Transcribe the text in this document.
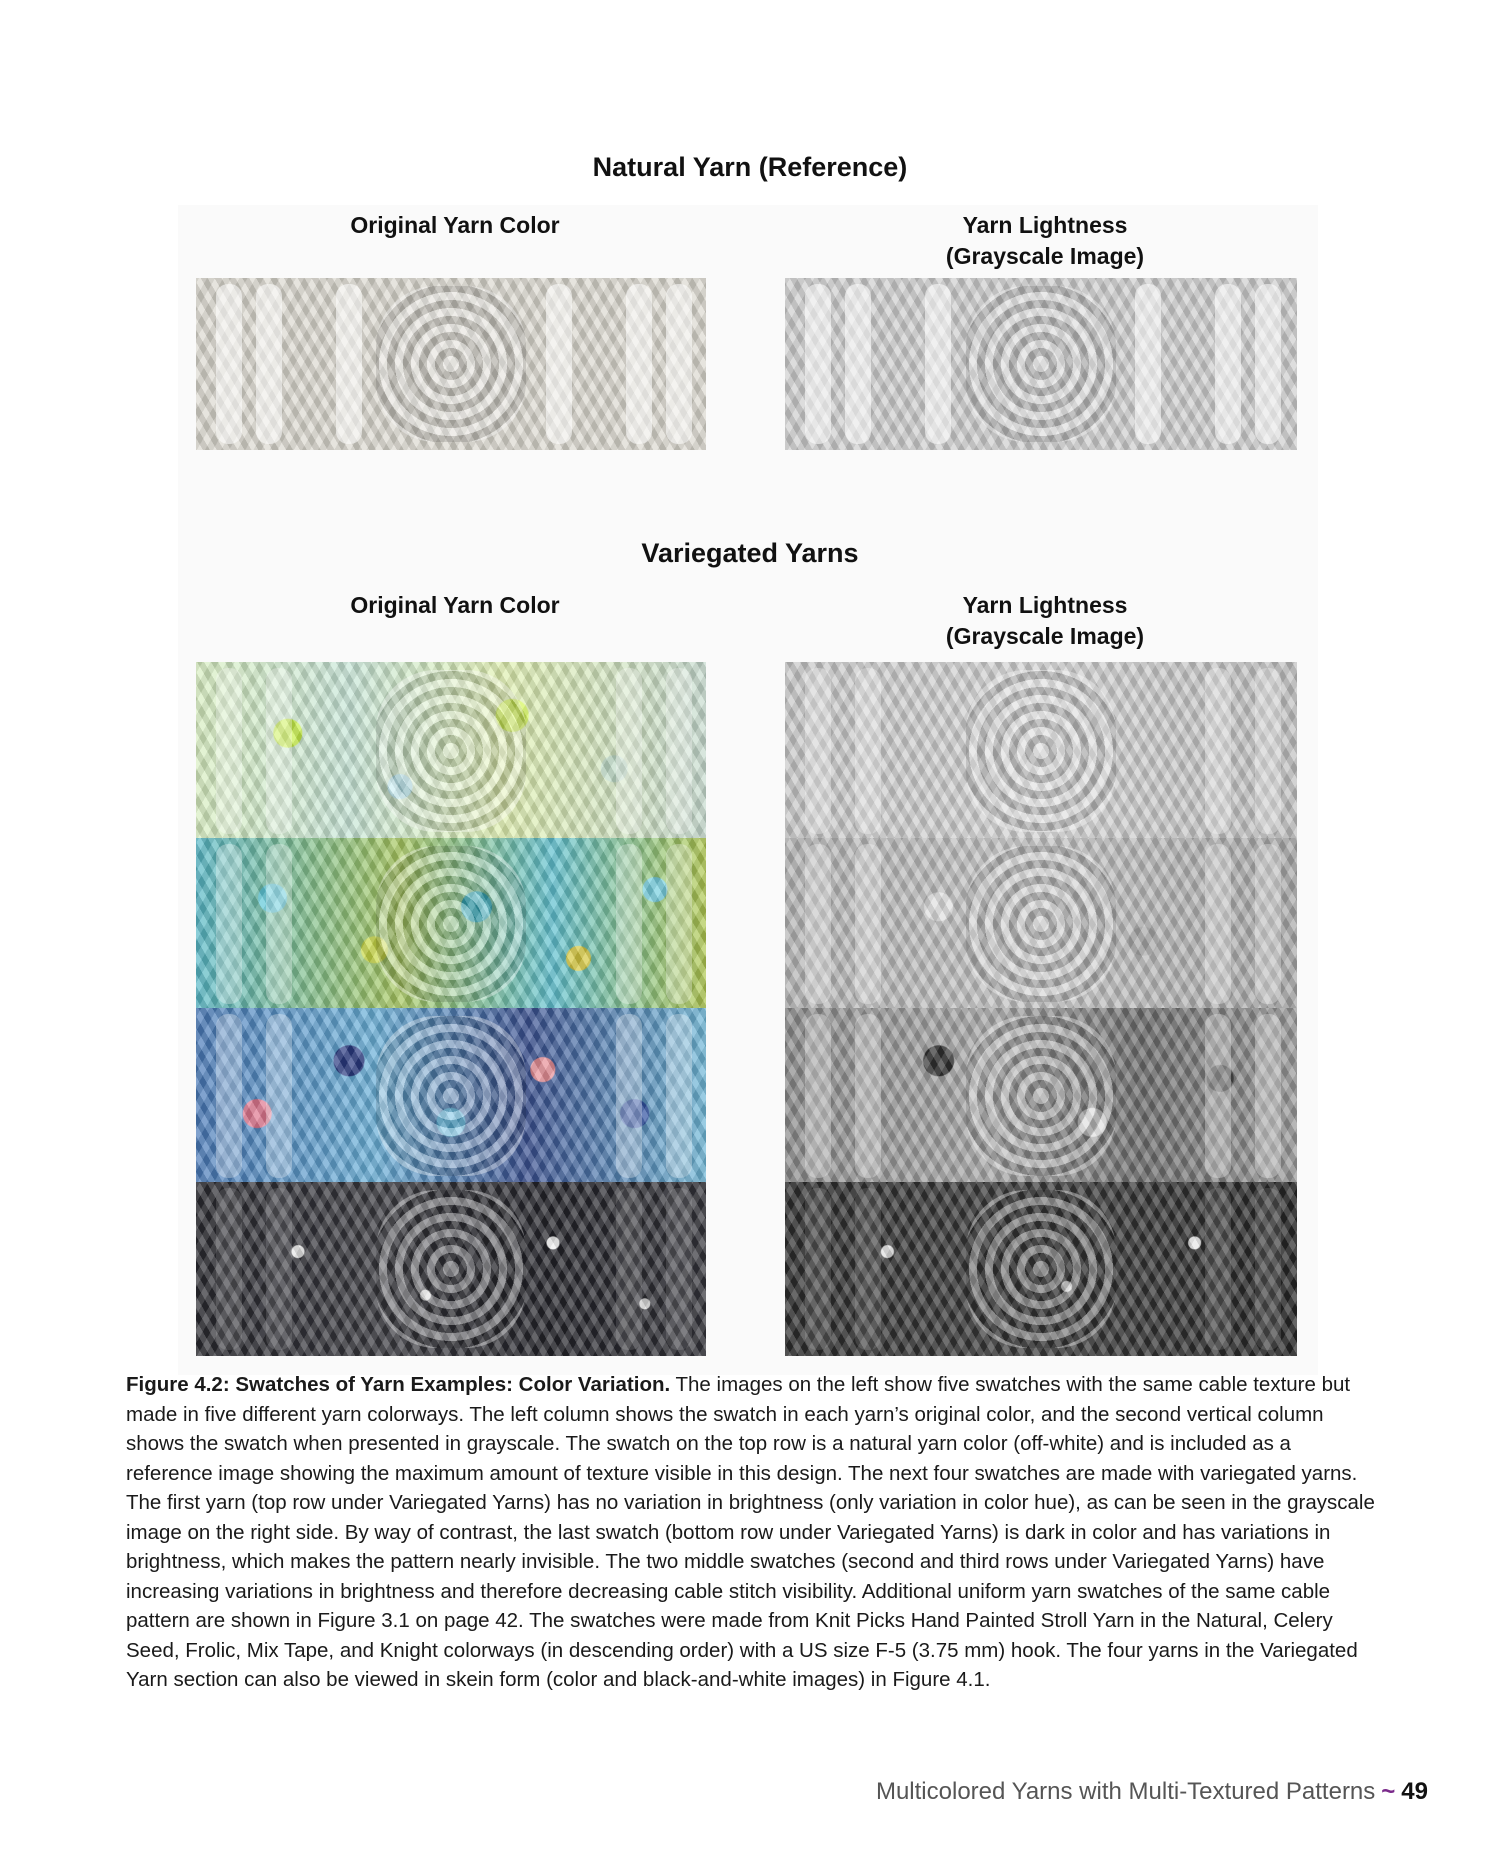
Natural Yarn (Reference)
Original Yarn Color	Yarn Lightness
(Grayscale Image)
Variegated Yarns
Original Yarn Color	Yarn Lightness
(Grayscale Image)
Figure 4.2: Swatches of Yarn Examples: Color Variation. The images on the left show five swatches with the same cable texture but made in five different yarn colorways. The left column shows the swatch in each yarn’s original color, and the second vertical column shows the swatch when presented in grayscale. The swatch on the top row is a natural yarn color (off-white) and is included as a reference image showing the maximum amount of texture visible in this design. The next four swatches are made with variegated yarns. The first yarn (top row under Variegated Yarns) has no variation in brightness (only variation in color hue), as can be seen in the grayscale image on the right side. By way of contrast, the last swatch (bottom row under Variegated Yarns) is dark in color and has variations in brightness, which makes the pattern nearly invisible. The two middle swatches (second and third rows under Variegated Yarns) have increasing variations in brightness and therefore decreasing cable stitch visibility. Additional uniform yarn swatches of the same cable pattern are shown in Figure 3.1 on page 42. The swatches were made from Knit Picks Hand Painted Stroll Yarn in the Natural, Celery Seed, Frolic, Mix Tape, and Knight colorways (in descending order) with a US size F-5 (3.75 mm) hook. The four yarns in the Variegated Yarn section can also be viewed in skein form (color and black-and-white images) in Figure 4.1.
Multicolored Yarns with Multi-Textured Patterns ~ 49
